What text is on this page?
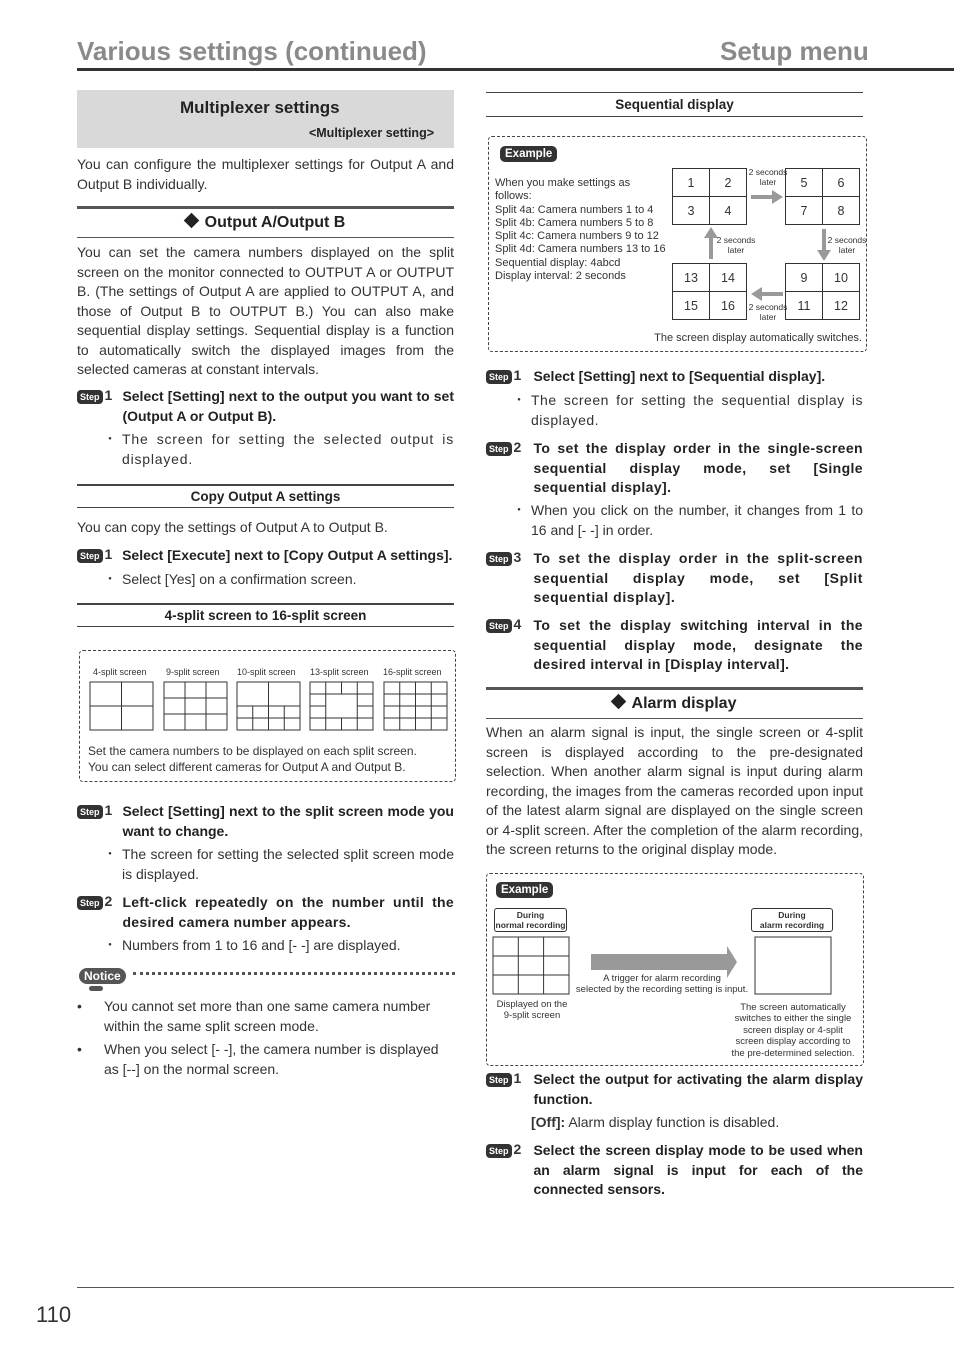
Various settings (continued)	Setup menu
Multiplexer settings
<Multiplexer setting>
You can configure the multiplexer settings for Output A and Output B individually.
Output A/Output B
You can set the camera numbers displayed on the split screen on the monitor connected to OUTPUT A or OUTPUT B. (The settings of Output A are applied to OUTPUT A, and those of Output B to OUTPUT B.) You can also make sequential display settings. Sequential display is a function to automatically switch the displayed images from the selected cameras at constant intervals.
Step 1 Select [Setting] next to the output you want to set (Output A or Output B).
・ The screen for setting the selected output is displayed.
Copy Output A settings
You can copy the settings of Output A to Output B.
Step 1 Select [Execute] next to [Copy Output A settings].
・ Select [Yes] on a confirmation screen.
4-split screen to 16-split screen
4-split screen 9-split screen 10-split screen 13-split screen 16-split screen
Set the camera numbers to be displayed on each split screen.
You can select different cameras for Output A and Output B.
Step 1 Select [Setting] next to the split screen mode you want to change.
・ The screen for setting the selected split screen mode is displayed.
Step 2 Left-click repeatedly on the number until the desired camera number appears.
・ Numbers from 1 to 16 and [- -] are displayed.
Notice
•	You cannot set more than one same camera number within the same split screen mode.
•	When you select [- -], the camera number is displayed as [--] on the normal screen.
Sequential display
Example
When you make settings as
follows:
Split 4a: Camera numbers 1 to 4
Split 4b: Camera numbers 5 to 8
Split 4c: Camera numbers 9 to 12
Split 4d: Camera numbers 13 to 16
Sequential display: 4abcd
Display interval: 2 seconds
1	2
3	4
5	6
7	8
13	14
15	16
9	10
11	12
2 seconds later
2 seconds later
2 seconds later
2 seconds later
The screen display automatically switches.
Step 1 Select [Setting] next to [Sequential display].
・ The screen for setting the sequential display is displayed.
Step 2 To set the display order in the single-screen sequential display mode, set [Single sequential display].
・ When you click on the number, it changes from 1 to 16 and [- -] in order.
Step 3 To set the display order in the split-screen sequential display mode, set [Split sequential display].
Step 4 To set the display switching interval in the sequential display mode, designate the desired interval in [Display interval].
Alarm display
When an alarm signal is input, the single screen or 4-split screen is displayed according to the pre-designated selection. When another alarm signal is input during alarm recording, the images from the cameras recorded upon input of the latest alarm signal are displayed on the single screen or 4-split screen. After the completion of the alarm recording, the screen returns to the original display mode.
Example
During
normal recording
During
alarm recording
A trigger for alarm recording
selected by the recording setting is input.
Displayed on the
9-split screen
The screen automatically
switches to either the single
screen display or 4-split
screen display according to
the pre-determined selection.
Step 1 Select the output for activating the alarm display function.
[Off]: Alarm display function is disabled.
Step 2 Select the screen display mode to be used when an alarm signal is input for each of the connected sensors.
110
